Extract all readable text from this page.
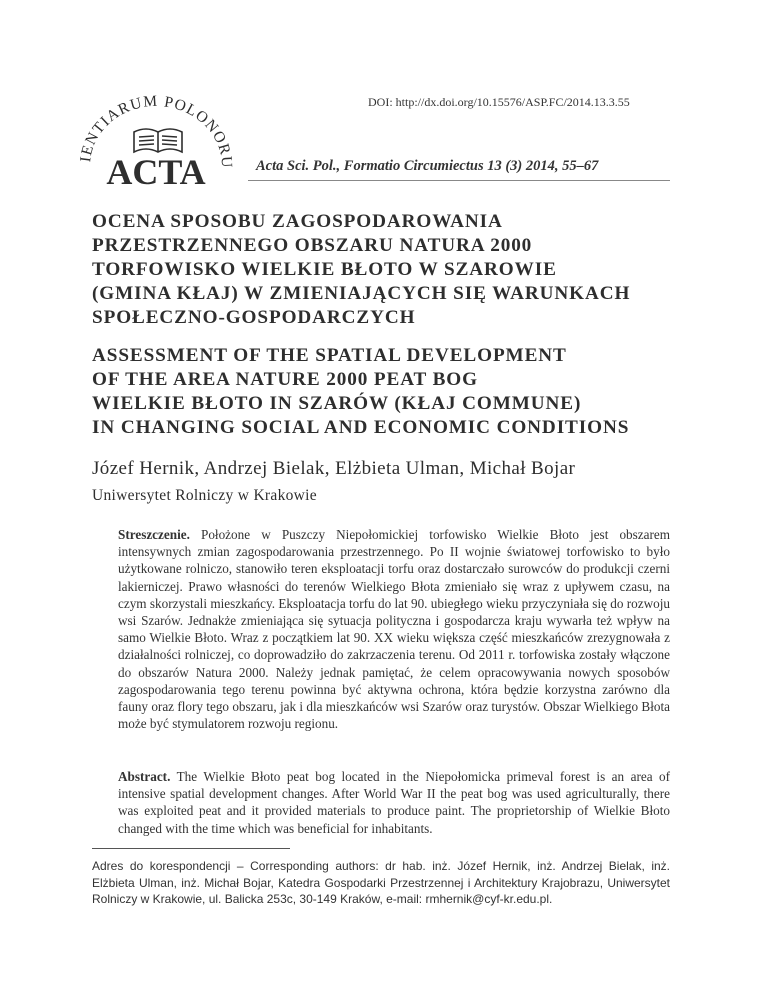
IENTIARUM POLONORU
ACTA
DOI: http://dx.doi.org/10.15576/ASP.FC/2014.13.3.55
Acta Sci. Pol., Formatio Circumiectus 13 (3) 2014, 55–67
OCENA SPOSOBU ZAGOSPODAROWANIA
PRZESTRZENNEGO OBSZARU NATURA 2000
TORFOWISKO WIELKIE BŁOTO W SZAROWIE
(GMINA KŁAJ) W ZMIENIAJĄCYCH SIĘ WARUNKACH
SPOŁECZNO-GOSPODARCZYCH
ASSESSMENT OF THE SPATIAL DEVELOPMENT
OF THE AREA NATURE 2000 PEAT BOG
WIELKIE BŁOTO IN SZARÓW (KŁAJ COMMUNE)
IN CHANGING SOCIAL AND ECONOMIC CONDITIONS
Józef Hernik, Andrzej Bielak, Elżbieta Ulman, Michał Bojar
Uniwersytet Rolniczy w Krakowie

Streszczenie. Położone w Puszczy Niepołomickiej torfowisko Wielkie Błoto jest obszarem intensywnych zmian zagospodarowania przestrzennego. Po II wojnie światowej torfowisko to było użytkowane rolniczo, stanowiło teren eksploatacji torfu oraz dostarczało surowców do produkcji czerni lakierniczej. Prawo własności do terenów Wielkiego Błota zmieniało się wraz z upływem czasu, na czym skorzystali mieszkańcy. Eksploatacja torfu do lat 90. ubiegłego wieku przyczyniała się do rozwoju wsi Szarów. Jednakże zmieniająca się sytuacja polityczna i gospodarcza kraju wywarła też wpływ na samo Wielkie Błoto. Wraz z początkiem lat 90. XX wieku większa część mieszkańców zrezygnowała z działalności rolniczej, co doprowadziło do zakrzaczenia terenu. Od 2011 r. torfowiska zostały włączone do obszarów Natura 2000. Należy jednak pamiętać, że celem opracowywania nowych sposobów zagospodarowania tego terenu powinna być aktywna ochrona, która będzie korzystna zarówno dla fauny oraz flory tego obszaru, jak i dla mieszkańców wsi Szarów oraz turystów. Obszar Wielkiego Błota może być stymulatorem rozwoju regionu.

Abstract. The Wielkie Błoto peat bog located in the Niepołomicka primeval forest is an area of intensive spatial development changes. After World War II the peat bog was used agriculturally, there was exploited peat and it provided materials to produce paint. The proprietorship of Wielkie Błoto changed with the time which was beneficial for inhabitants.

Adres do korespondencji – Corresponding authors: dr hab. inż. Józef Hernik, inż. Andrzej Bielak, inż. Elżbieta Ulman, inż. Michał Bojar, Katedra Gospodarki Przestrzennej i Architektury Krajobrazu, Uniwersytet Rolniczy w Krakowie, ul. Balicka 253c, 30-149 Kraków, e-mail: rmhernik@cyf-kr.edu.pl.
